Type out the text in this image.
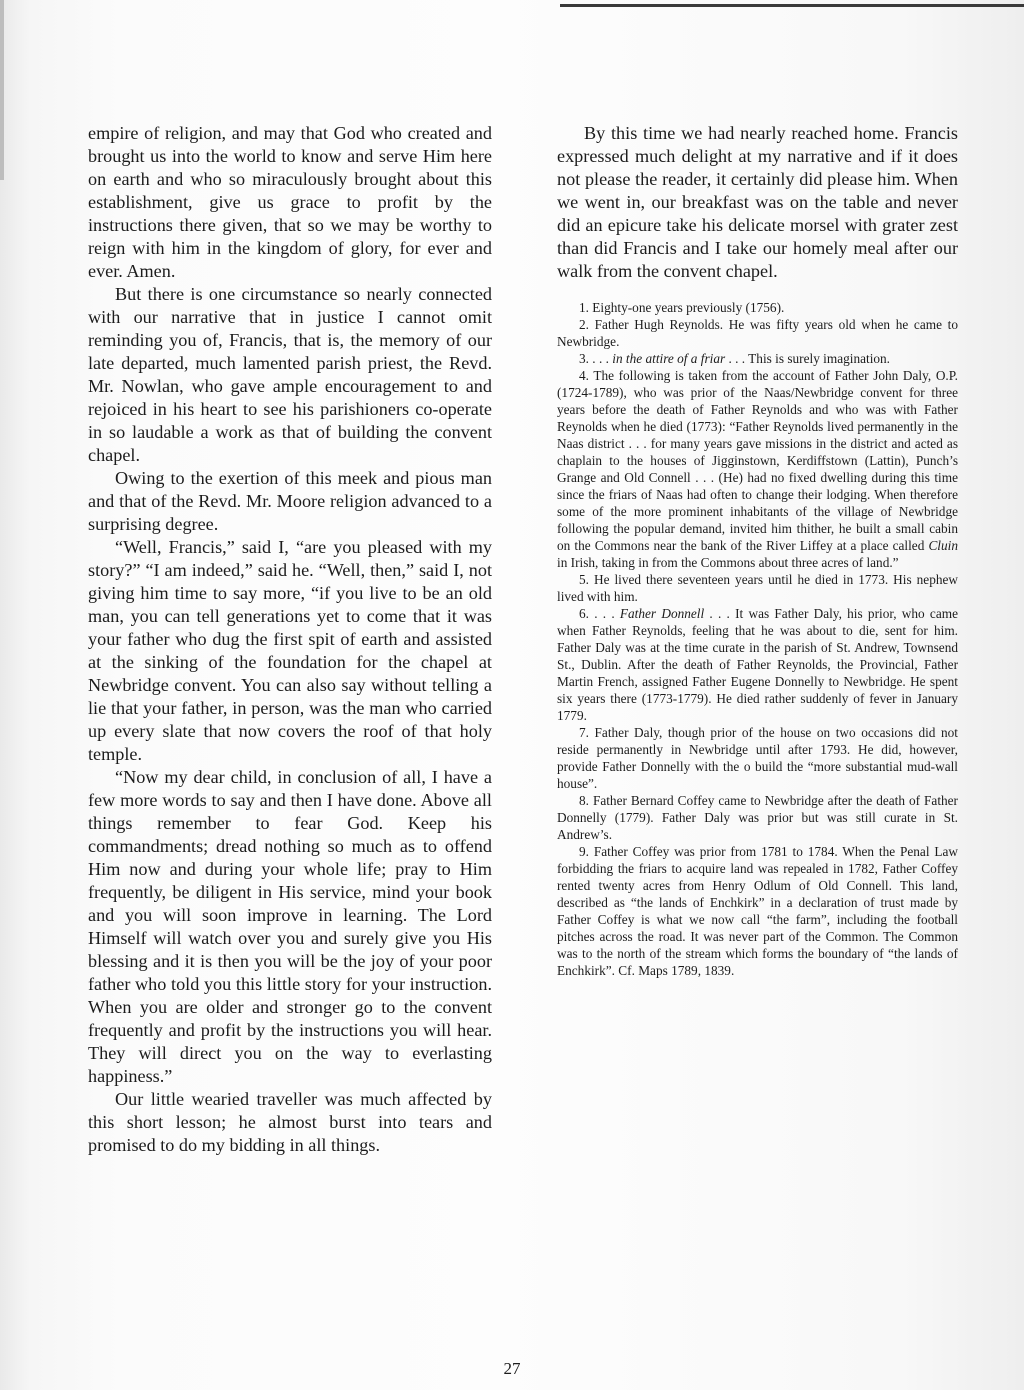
empire of religion, and may that God who created and brought us into the world to know and serve Him here on earth and who so miraculously brought about this establishment, give us grace to profit by the instructions there given, that so we may be worthy to reign with him in the kingdom of glory, for ever and ever. Amen.

But there is one circumstance so nearly connected with our narrative that in justice I cannot omit reminding you of, Francis, that is, the memory of our late departed, much lamented parish priest, the Revd. Mr. Nowlan, who gave ample encouragement to and rejoiced in his heart to see his parishioners co-operate in so laudable a work as that of building the convent chapel.

Owing to the exertion of this meek and pious man and that of the Revd. Mr. Moore religion advanced to a surprising degree.

“Well, Francis,” said I, “are you pleased with my story?” “I am indeed,” said he. “Well, then,” said I, not giving him time to say more, “if you live to be an old man, you can tell generations yet to come that it was your father who dug the first spit of earth and assisted at the sinking of the foundation for the chapel at Newbridge convent. You can also say without telling a lie that your father, in person, was the man who carried up every slate that now covers the roof of that holy temple.

“Now my dear child, in conclusion of all, I have a few more words to say and then I have done. Above all things remember to fear God. Keep his commandments; dread nothing so much as to offend Him now and during your whole life; pray to Him frequently, be diligent in His service, mind your book and you will soon improve in learning. The Lord Himself will watch over you and surely give you His blessing and it is then you will be the joy of your poor father who told you this little story for your instruction. When you are older and stronger go to the convent frequently and profit by the instructions you will hear. They will direct you on the way to everlasting happiness.”

Our little wearied traveller was much affected by this short lesson; he almost burst into tears and promised to do my bidding in all things.

By this time we had nearly reached home. Francis expressed much delight at my narrative and if it does not please the reader, it certainly did please him. When we went in, our breakfast was on the table and never did an epicure take his delicate morsel with grater zest than did Francis and I take our homely meal after our walk from the convent chapel.

1. Eighty-one years previously (1756).

2. Father Hugh Reynolds. He was fifty years old when he came to Newbridge.

3. . . . in the attire of a friar . . . This is surely imagination.

4. The following is taken from the account of Father John Daly, O.P. (1724-1789), who was prior of the Naas/Newbridge convent for three years before the death of Father Reynolds and who was with Father Reynolds when he died (1773): “Father Reynolds lived permanently in the Naas district . . . for many years gave missions in the district and acted as chaplain to the houses of Jigginstown, Kerdiffstown (Lattin), Punch’s Grange and Old Connell . . . (He) had no fixed dwelling during this time since the friars of Naas had often to change their lodging. When therefore some of the more prominent inhabitants of the village of Newbridge following the popular demand, invited him thither, he built a small cabin on the Commons near the bank of the River Liffey at a place called Cluin in Irish, taking in from the Commons about three acres of land.”

5. He lived there seventeen years until he died in 1773. His nephew lived with him.

6. . . . Father Donnell . . . It was Father Daly, his prior, who came when Father Reynolds, feeling that he was about to die, sent for him. Father Daly was at the time curate in the parish of St. Andrew, Townsend St., Dublin. After the death of Father Reynolds, the Provincial, Father Martin French, assigned Father Eugene Donnelly to Newbridge. He spent six years there (1773-1779). He died rather suddenly of fever in January 1779.

7. Father Daly, though prior of the house on two occasions did not reside permanently in Newbridge until after 1793. He did, however, provide Father Donnelly with the o build the “more substantial mud-wall house”.

8. Father Bernard Coffey came to Newbridge after the death of Father Donnelly (1779). Father Daly was prior but was still curate in St. Andrew’s.

9. Father Coffey was prior from 1781 to 1784. When the Penal Law forbidding the friars to acquire land was repealed in 1782, Father Coffey rented twenty acres from Henry Odlum of Old Connell. This land, described as “the lands of Enchkirk” in a declaration of trust made by Father Coffey is what we now call “the farm”, including the football pitches across the road. It was never part of the Common. The Common was to the north of the stream which forms the boundary of “the lands of Enchkirk”. Cf. Maps 1789, 1839.

27
